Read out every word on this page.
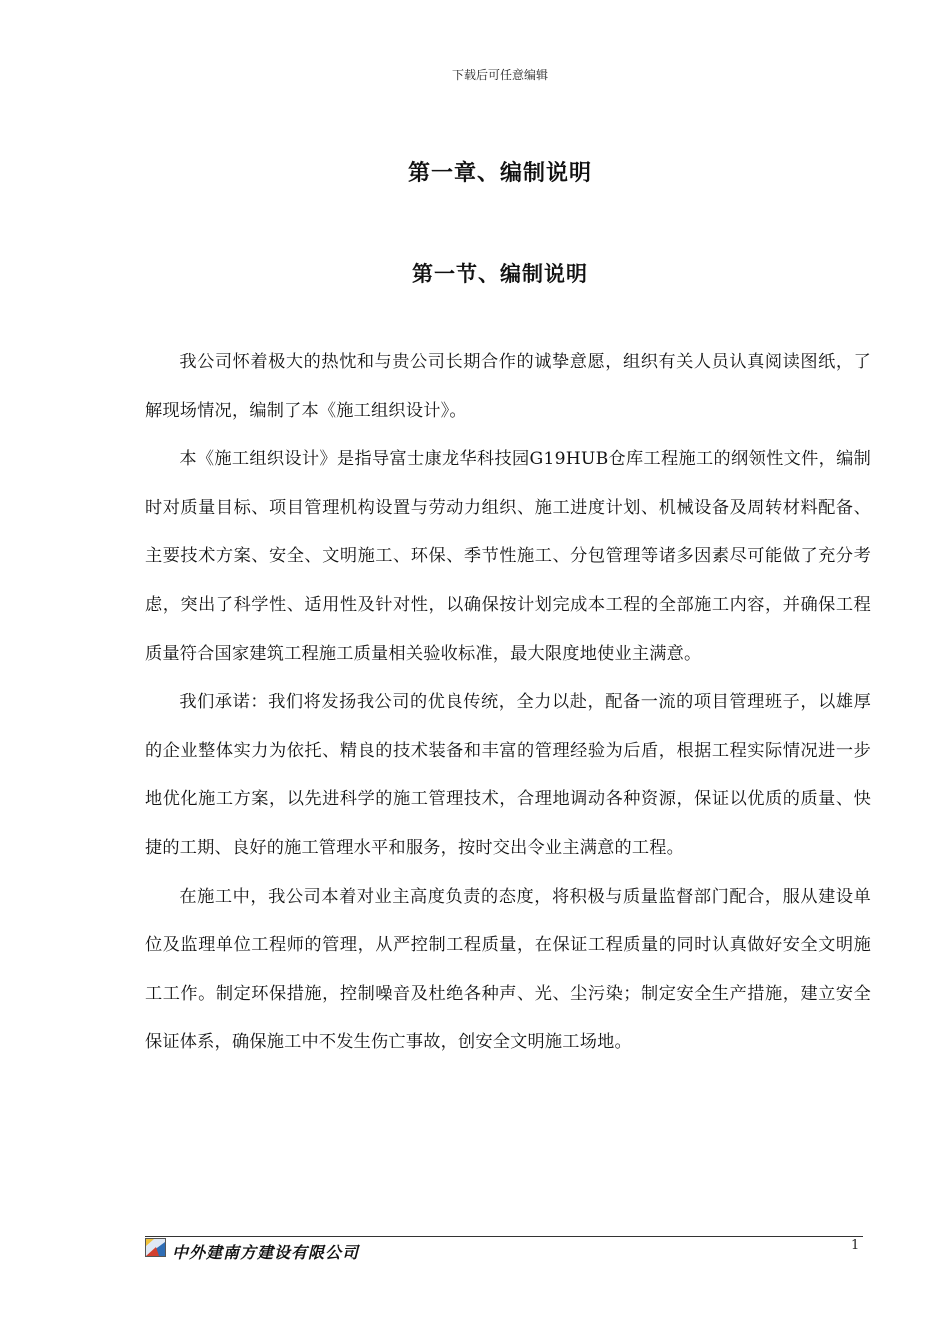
下载后可任意编辑
第一章、编制说明
第一节、编制说明

我公司怀着极大的热忱和与贵公司长期合作的诚挚意愿，组织有关人员认真阅读图纸，了解现场情况，编制了本《施工组织设计》。

本《施工组织设计》是指导富士康龙华科技园G19HUB仓库工程施工的纲领性文件，编制时对质量目标、项目管理机构设置与劳动力组织、施工进度计划、机械设备及周转材料配备、主要技术方案、安全、文明施工、环保、季节性施工、分包管理等诸多因素尽可能做了充分考虑，突出了科学性、适用性及针对性，以确保按计划完成本工程的全部施工内容，并确保工程质量符合国家建筑工程施工质量相关验收标准，最大限度地使业主满意。

我们承诺：我们将发扬我公司的优良传统，全力以赴，配备一流的项目管理班子，以雄厚的企业整体实力为依托、精良的技术装备和丰富的管理经验为后盾，根据工程实际情况进一步地优化施工方案，以先进科学的施工管理技术，合理地调动各种资源，保证以优质的质量、快捷的工期、良好的施工管理水平和服务，按时交出令业主满意的工程。

在施工中，我公司本着对业主高度负责的态度，将积极与质量监督部门配合，服从建设单位及监理单位工程师的管理，从严控制工程质量，在保证工程质量的同时认真做好安全文明施工工作。制定环保措施，控制噪音及杜绝各种声、光、尘污染；制定安全生产措施，建立安全保证体系，确保施工中不发生伤亡事故，创安全文明施工场地。

中外建南方建设有限公司	1
